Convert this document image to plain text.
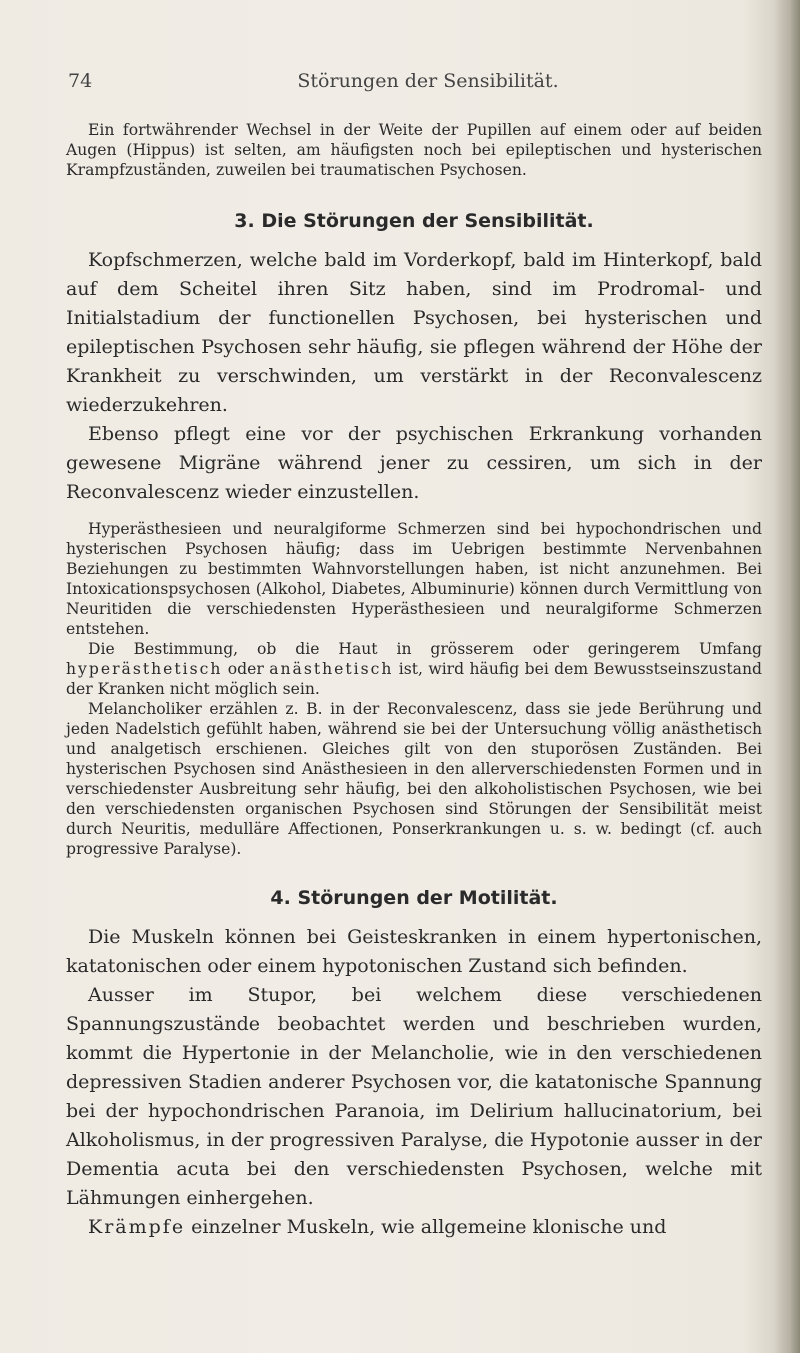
74	Störungen der Sensibilität.

Ein fortwährender Wechsel in der Weite der Pupillen auf einem oder auf beiden Augen (Hippus) ist selten, am häufigsten noch bei epileptischen und hysterischen Krampfzuständen, zuweilen bei traumatischen Psychosen.

3. Die Störungen der Sensibilität.

Kopfschmerzen, welche bald im Vorderkopf, bald im Hinterkopf, bald auf dem Scheitel ihren Sitz haben, sind im Prodromal- und Initialstadium der functionellen Psychosen, bei hysterischen und epileptischen Psychosen sehr häufig, sie pflegen während der Höhe der Krankheit zu verschwinden, um verstärkt in der Reconvalescenz wiederzukehren.

Ebenso pflegt eine vor der psychischen Erkrankung vorhanden gewesene Migräne während jener zu cessiren, um sich in der Reconvalescenz wieder einzustellen.

Hyperästhesieen und neuralgiforme Schmerzen sind bei hypochondrischen und hysterischen Psychosen häufig; dass im Uebrigen bestimmte Nervenbahnen Beziehungen zu bestimmten Wahnvorstellungen haben, ist nicht anzunehmen. Bei Intoxicationspsychosen (Alkohol, Diabetes, Albuminurie) können durch Vermittlung von Neuritiden die verschiedensten Hyperästhesieen und neuralgiforme Schmerzen entstehen.

Die Bestimmung, ob die Haut in grösserem oder geringerem Umfang hyperästhetisch oder anästhetisch ist, wird häufig bei dem Bewusstseinszustand der Kranken nicht möglich sein.

Melancholiker erzählen z. B. in der Reconvalescenz, dass sie jede Berührung und jeden Nadelstich gefühlt haben, während sie bei der Untersuchung völlig anästhetisch und analgetisch erschienen. Gleiches gilt von den stuporösen Zuständen. Bei hysterischen Psychosen sind Anästhesieen in den allerverschiedensten Formen und in verschiedenster Ausbreitung sehr häufig, bei den alkoholistischen Psychosen, wie bei den verschiedensten organischen Psychosen sind Störungen der Sensibilität meist durch Neuritis, medulläre Affectionen, Ponserkrankungen u. s. w. bedingt (cf. auch progressive Paralyse).

4. Störungen der Motilität.

Die Muskeln können bei Geisteskranken in einem hypertonischen, katatonischen oder einem hypotonischen Zustand sich befinden.

Ausser im Stupor, bei welchem diese verschiedenen Spannungszustände beobachtet werden und beschrieben wurden, kommt die Hypertonie in der Melancholie, wie in den verschiedenen depressiven Stadien anderer Psychosen vor, die katatonische Spannung bei der hypochondrischen Paranoia, im Delirium hallucinatorium, bei Alkoholismus, in der progressiven Paralyse, die Hypotonie ausser in der Dementia acuta bei den verschiedensten Psychosen, welche mit Lähmungen einhergehen.

Krämpfe einzelner Muskeln, wie allgemeine klonische und
